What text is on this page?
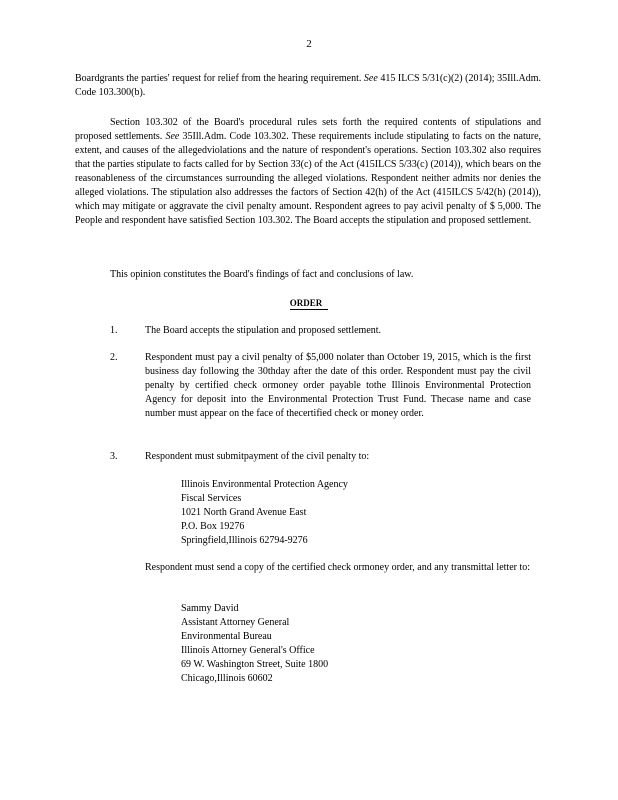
2
Boardgrants the parties' request for relief from the hearing requirement. See 415 ILCS 5/31(c)(2) (2014); 35Ill.Adm. Code 103.300(b).
Section 103.302 of the Board's procedural rules sets forth the required contents of stipulations and proposed settlements. See 35Ill.Adm. Code 103.302. These requirements include stipulating to facts on the nature, extent, and causes of the allegedviolations and the nature of respondent's operations. Section 103.302 also requires that the parties stipulate to facts called for by Section 33(c) of the Act (415ILCS 5/33(c) (2014)), which bears on the reasonableness of the circumstances surrounding the alleged violations. Respondent neither admits nor denies the alleged violations. The stipulation also addresses the factors of Section 42(h) of the Act (415ILCS 5/42(h) (2014)), which may mitigate or aggravate the civil penalty amount. Respondent agrees to pay acivil penalty of $ 5,000. The People and respondent have satisfied Section 103.302. The Board accepts the stipulation and proposed settlement.
This opinion constitutes the Board's findings of fact and conclusions of law.
ORDER
1.	The Board accepts the stipulation and proposed settlement.
2.	Respondent must pay a civil penalty of $5,000 nolater than October 19, 2015, which is the first business day following the 30thday after the date of this order. Respondent must pay the civil penalty by certified check ormoney order payable tothe Illinois Environmental Protection Agency for deposit into the Environmental Protection Trust Fund. Thecase name and case number must appear on the face of thecertified check or money order.
3.	Respondent must submitpayment of the civil penalty to:
Illinois Environmental Protection Agency
Fiscal Services
1021 North Grand Avenue East
P.O. Box 19276
Springfield,Illinois 62794-9276
Respondent must send a copy of the certified check ormoney order, and any transmittal letter to:
Sammy David
Assistant Attorney General
Environmental Bureau
Illinois Attorney General's Office
69 W. Washington Street, Suite 1800
Chicago,Illinois 60602
